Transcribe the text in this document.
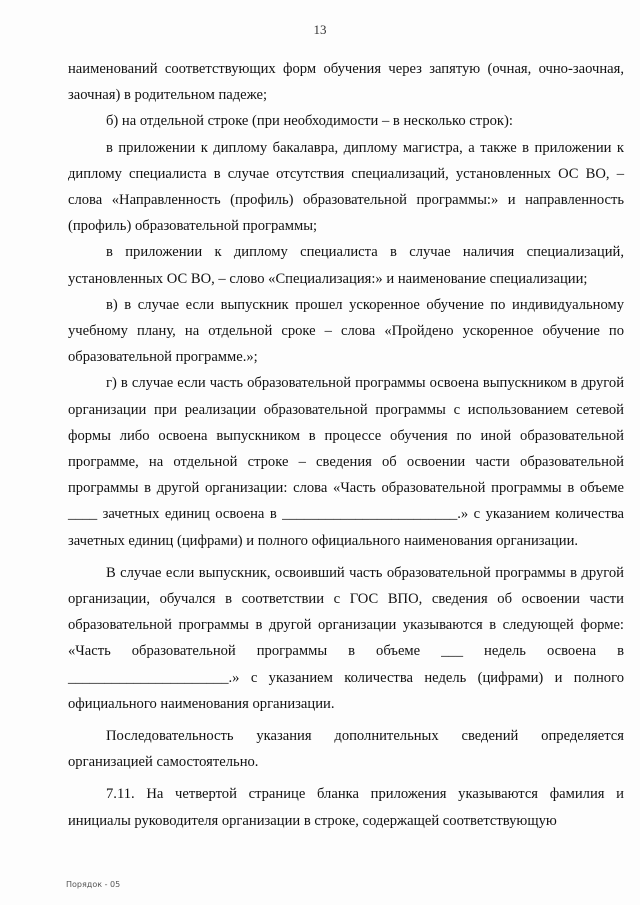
13

наименований соответствующих форм обучения через запятую (очная, очно-заочная, заочная) в родительном падеже;

б) на отдельной строке (при необходимости – в несколько строк):

в приложении к диплому бакалавра, диплому магистра, а также в приложении к диплому специалиста в случае отсутствия специализаций, установленных ОС ВО, – слова «Направленность (профиль) образовательной программы:» и направленность (профиль) образовательной программы;

в приложении к диплому специалиста в случае наличия специализаций, установленных ОС ВО, – слово «Специализация:» и наименование специализации;

в) в случае если выпускник прошел ускоренное обучение по индивидуальному учебному плану, на отдельной сроке – слова «Пройдено ускоренное обучение по образовательной программе.»;

г) в случае если часть образовательной программы освоена выпускником в другой организации при реализации образовательной программы с использованием сетевой формы либо освоена выпускником в процессе обучения по иной образовательной программе, на отдельной строке – сведения об освоении части образовательной программы в другой организации: слова «Часть образовательной программы в объеме ____ зачетных единиц освоена в ________________________.» с указанием количества зачетных единиц (цифрами) и полного официального наименования организации.

В случае если выпускник, освоивший часть образовательной программы в другой организации, обучался в соответствии с ГОС ВПО, сведения об освоении части образовательной программы в другой организации указываются в следующей форме: «Часть образовательной программы в объеме ___ недель освоена в ______________________.» с указанием количества недель (цифрами) и полного официального наименования организации.

Последовательность указания дополнительных сведений определяется организацией самостоятельно.

7.11. На четвертой странице бланка приложения указываются фамилия и инициалы руководителя организации в строке, содержащей соответствующую

Порядок - 05
